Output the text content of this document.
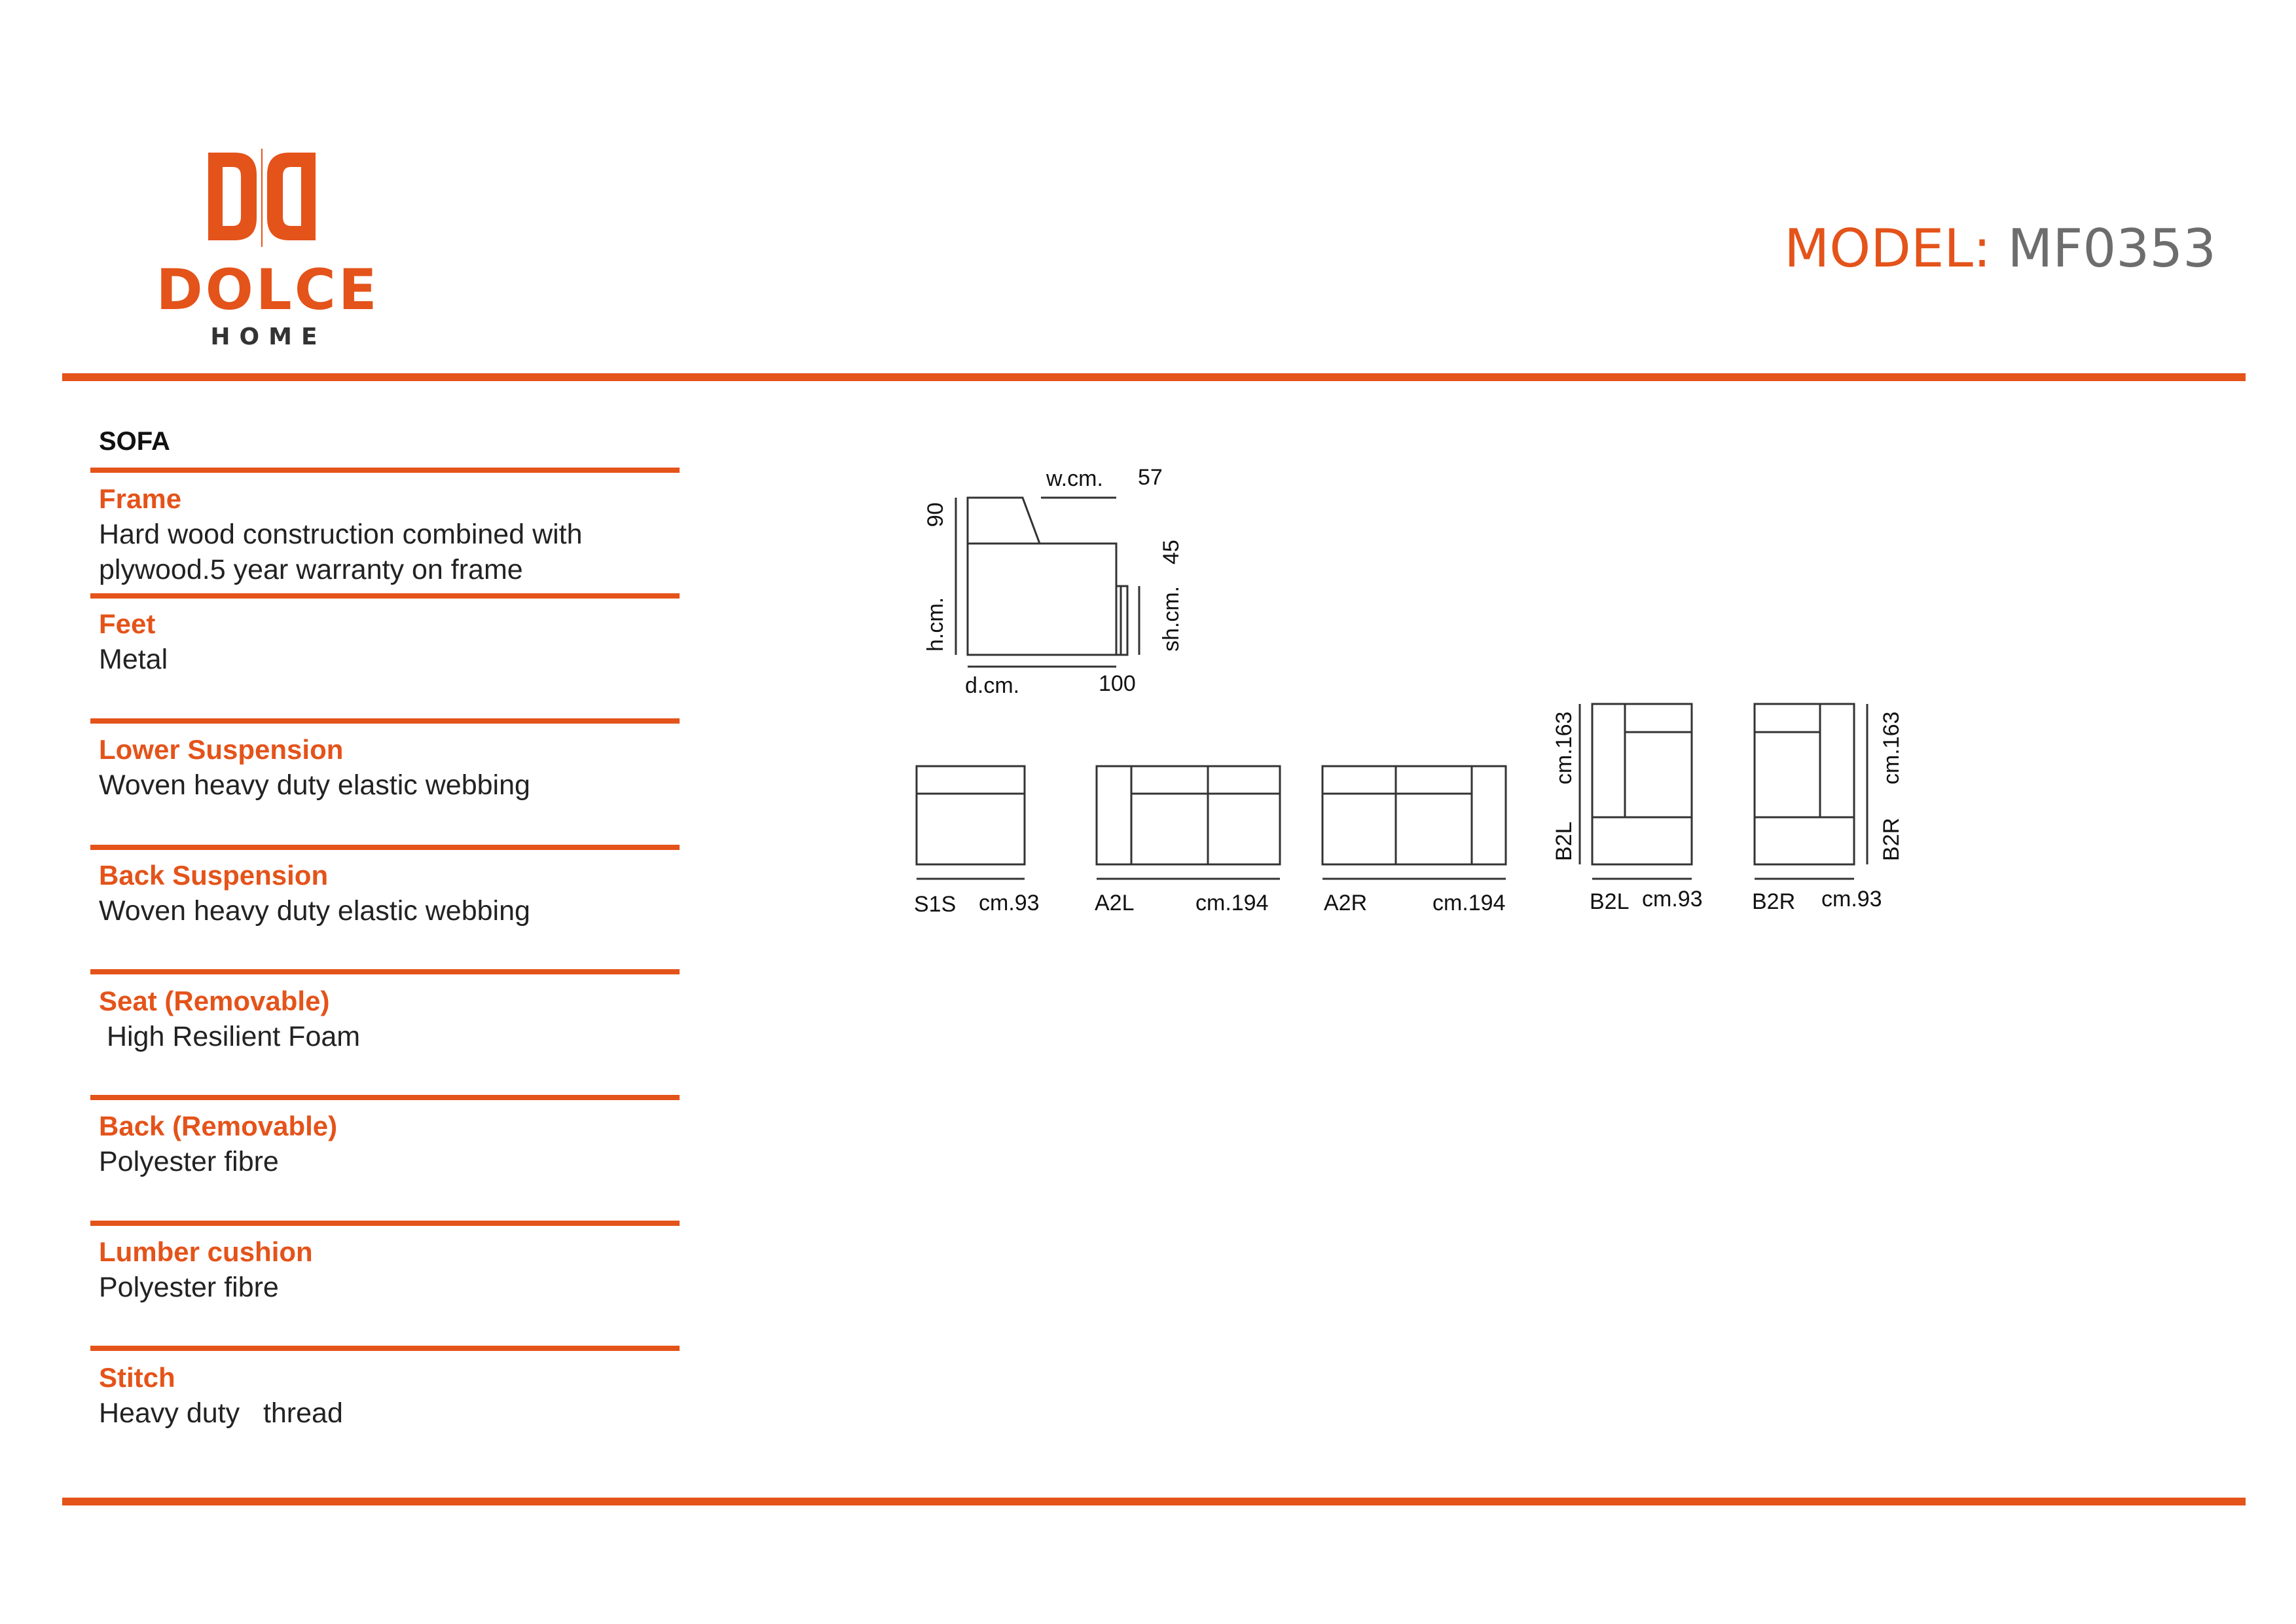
DOLCE
HOME
MODEL: MF0353
SOFA
Frame
Hard wood construction combined with
plywood.5 year warranty on frame
Feet
Metal
Lower Suspension
Woven heavy duty elastic webbing
Back Suspension
Woven heavy duty elastic webbing
Seat (Removable)
High Resilient Foam
Back (Removable)
Polyester fibre
Lumber cushion
Polyester fibre
Stitch
Heavy duty   thread
w.cm. 57
90
h.cm.
45
sh.cm.
d.cm.	100
S1S cm.93 A2L	cm.194 A2R	cm.194	B2L cm.93 B2R cm.93
B2L
cm.163
B2R
cm.163
